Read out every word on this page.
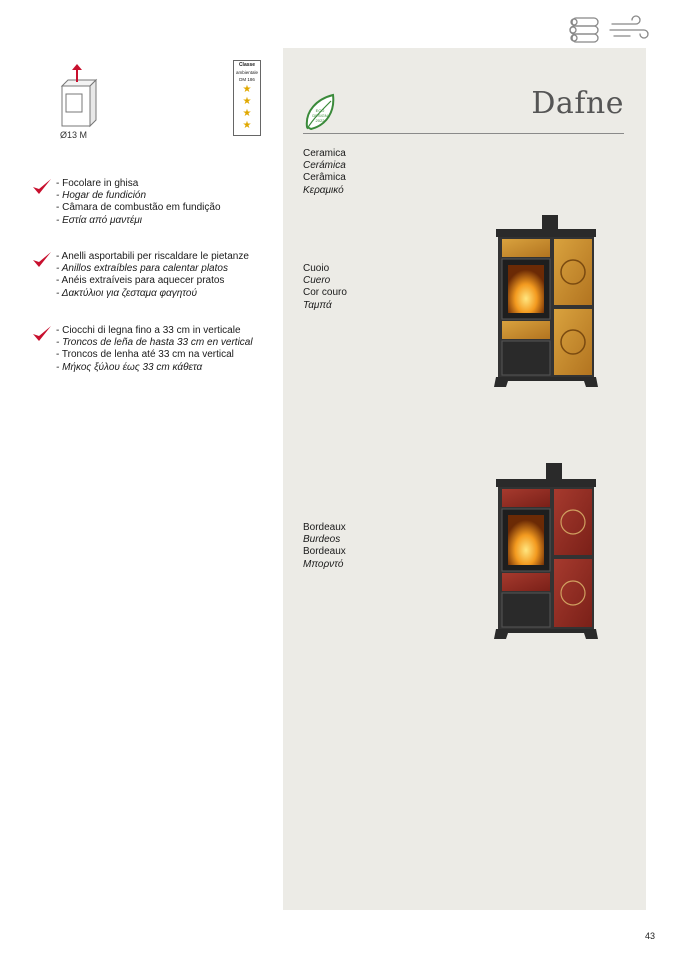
Ø13 M
Classe
ambientale
DM 186
★
★
★
★
ECO
DESIGN
2022	Dafne
- Focolare in ghisa
- Hogar de fundición
- Câmara de combustão em fundição
- Εστία από μαντέμι
- Anelli asportabili per riscaldare le pietanze
- Anillos extraíbles para calentar platos
- Anéis extraíveis para aquecer pratos
- Δακτύλιοι για ζεσταμα φαγητού
- Ciocchi di legna fino a 33 cm in verticale
- Troncos de leña de hasta 33 cm en vertical
- Troncos de lenha até 33 cm na vertical
- Μήκος ξύλου έως 33 cm κάθετα
Ceramica
Cerámica
Cerâmica
Κεραμικό
Cuoio
Cuero
Cor couro
Ταμπά
Bordeaux
Burdeos
Bordeaux
Μπορντό
43
